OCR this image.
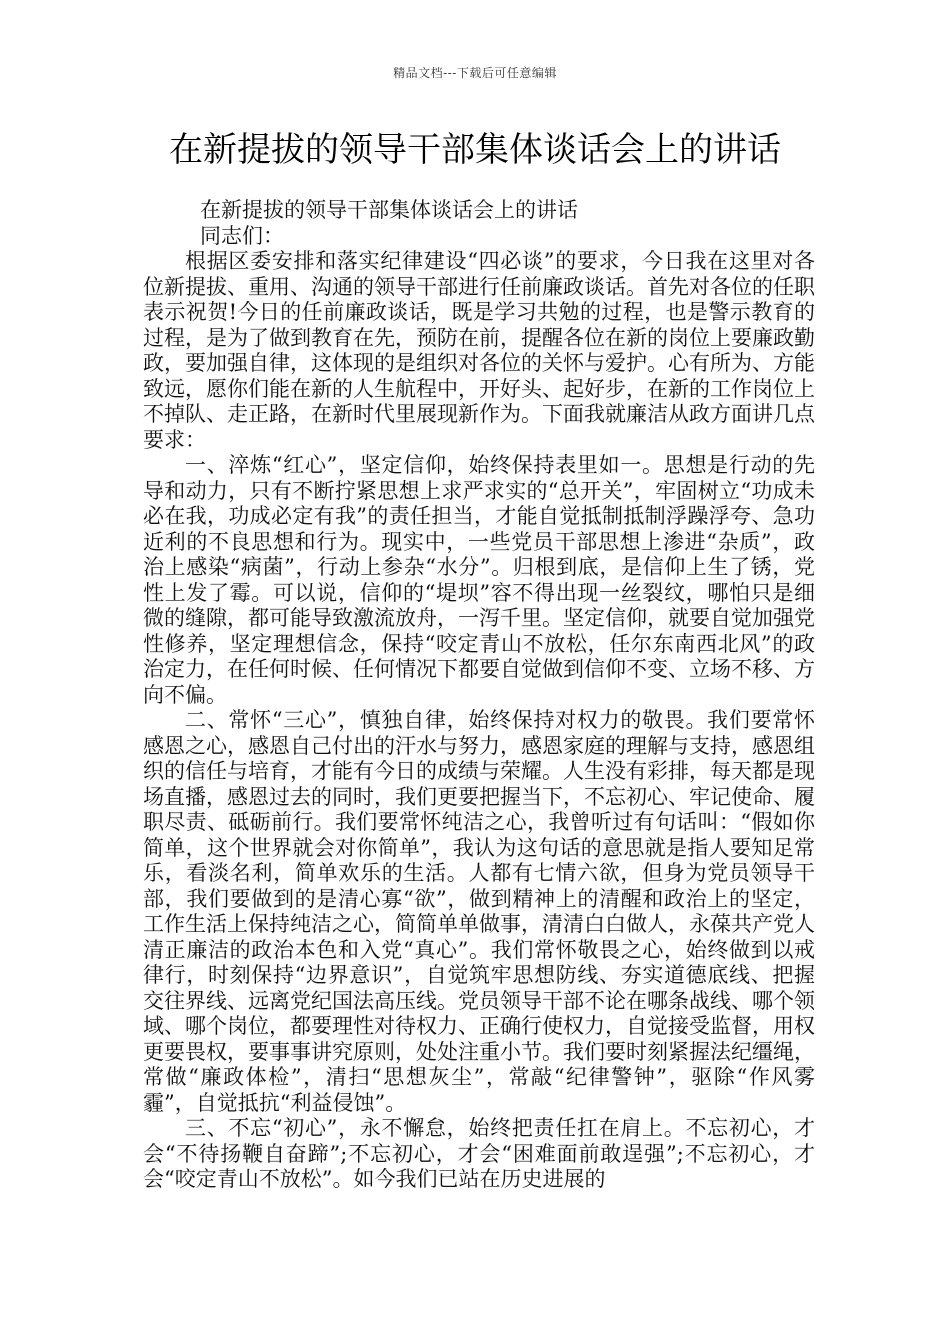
精品文档---下载后可任意编辑
在新提拔的领导干部集体谈话会上的讲话

在新提拔的领导干部集体谈话会上的讲话

同志们：

根据区委安排和落实纪律建设“四必谈”的要求，今日我在这里对各位新提拔、重用、沟通的领导干部进行任前廉政谈话。首先对各位的任职表示祝贺!今日的任前廉政谈话，既是学习共勉的过程，也是警示教育的过程，是为了做到教育在先，预防在前，提醒各位在新的岗位上要廉政勤政，要加强自律，这体现的是组织对各位的关怀与爱护。心有所为、方能致远，愿你们能在新的人生航程中，开好头、起好步，在新的工作岗位上不掉队、走正路，在新时代里展现新作为。下面我就廉洁从政方面讲几点要求：

一、淬炼“红心”，坚定信仰，始终保持表里如一。思想是行动的先导和动力，只有不断拧紧思想上求严求实的“总开关”，牢固树立“功成未必在我，功成必定有我”的责任担当，才能自觉抵制抵制浮躁浮夸、急功近利的不良思想和行为。现实中，一些党员干部思想上渗进“杂质”，政治上感染“病菌”，行动上参杂“水分”。归根到底，是信仰上生了锈，党性上发了霉。可以说，信仰的“堤坝”容不得出现一丝裂纹，哪怕只是细微的缝隙，都可能导致激流放舟，一泻千里。坚定信仰，就要自觉加强党性修养，坚定理想信念，保持“咬定青山不放松，任尔东南西北风”的政治定力，在任何时候、任何情况下都要自觉做到信仰不变、立场不移、方向不偏。

二、常怀“三心”，慎独自律，始终保持对权力的敬畏。我们要常怀感恩之心，感恩自己付出的汗水与努力，感恩家庭的理解与支持，感恩组织的信任与培育，才能有今日的成绩与荣耀。人生没有彩排，每天都是现场直播，感恩过去的同时，我们更要把握当下，不忘初心、牢记使命、履职尽责、砥砺前行。我们要常怀纯洁之心，我曾听过有句话叫：“假如你简单，这个世界就会对你简单”，我认为这句话的意思就是指人要知足常乐，看淡名利，简单欢乐的生活。人都有七情六欲，但身为党员领导干部，我们要做到的是清心寡“欲”，做到精神上的清醒和政治上的坚定，工作生活上保持纯洁之心，简简单单做事，清清白白做人，永葆共产党人清正廉洁的政治本色和入党“真心”。我们常怀敬畏之心，始终做到以戒律行，时刻保持“边界意识”，自觉筑牢思想防线、夯实道德底线、把握交往界线、远离党纪国法高压线。党员领导干部不论在哪条战线、哪个领域、哪个岗位，都要理性对待权力、正确行使权力，自觉接受监督，用权更要畏权，要事事讲究原则，处处注重小节。我们要时刻紧握法纪缰绳，常做“廉政体检”，清扫“思想灰尘”，常敲“纪律警钟”，驱除“作风雾霾”，自觉抵抗“利益侵蚀”。

三、不忘“初心”，永不懈怠，始终把责任扛在肩上。不忘初心，才会“不待扬鞭自奋蹄”;不忘初心，才会“困难面前敢逞强”;不忘初心，才会“咬定青山不放松”。如今我们已站在历史进展的
